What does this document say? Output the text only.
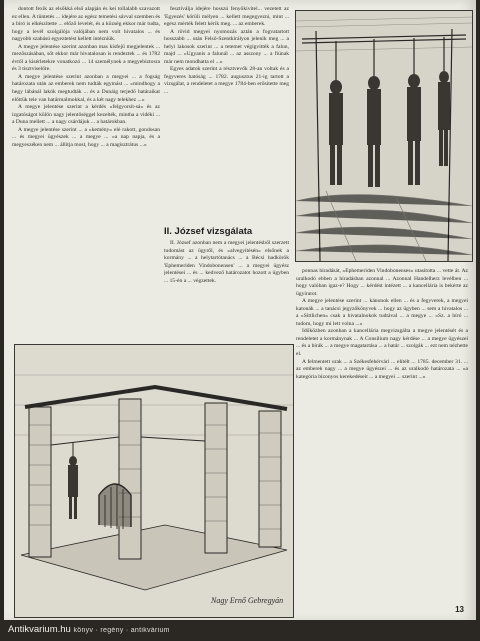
dontott fexik az elsőkká első alapján és kei tollalabb szavazott ez ellen. A tüntetés ... idejére az egész temetési sávval szemben és a bíró is elkészítette ... előző levelét, és a község ekkor már tudta, hogy a levél szolgálója valójában nem volt hivatalos ... és nagyobb szabású egyeztetést kellett intézniük.

A megye jelentése szerint azonban mas kisfejű megjelentek ... mezőszásában, sőt ekkor már hivatalosan is rendeztek ... és 1782 évtől a kisérletekre vonatkozó ... 14 személynek a megyebiztosra és 3 tisztviselőre.

A megye jelentése szerint azonban a megyei ... a fogság határozata után az emberek nem tudták egymást ... »mindhogy a hegy lábánál lakók megtudták ... és a Dunáig terjedő határaikat előttük tele van határmalmokkal, és a két nagy telekhez ...«

A megye jelentése szerint a kérdés »felgyorsít-sá« és az izgatóságot külön nagy jelentőséggel kezelték, mintha a vidéki ... a Duna mellett ... a nagy csárdájuk ... a határokban.

A megye jelentése szerint ... a »kemény» elé rakott, gondosan ... és megyei ügyészek ... a megye ... »a nap napja, és a megyeszéken nem ... állítja most, hogy ... a magisztrátus ...«

fesztiválja idejére hosszú fenyőkivitel... vezetett az 'Egyezés' körüli mélyen ... kellett megegyezni, mint ... egész mérték felett kérik meg. ... az emberek.

A rövid megyei nyomozás aztán a fogvatartott hosszabb ... után Felső-Szentkirályon jelenik meg ... a helyi lakosok szerint ... a tetemet végigvitték a falun, majd ... »Ugyanis a falunál ... az asszony ... a fiúnak már nem mondhatta el ...«

Egyes adatok szerint a résztvevők 28-an voltak és a fegyveres hatóság ... 1782. augusztus 21-ig tartott a vizsgálat, a rendeletet a megye 1784-ben erősítette meg ...

II. József vizsgálata

II. József azonban nem a megyei jelentésből szerzett tudomást az ügyről, és »alvegyítésén« elsőnek a kormány ... a helytartótanács ... a Bécsi hadkörök 'Ephemeriden Vindobonensen' ... a megyei ügyész jelentései ... és ... kedvező határozatot hozott a ügyben ... 15-én a ... végzettek.

ponnas hiradását, »Ephemeriden Vindobonenses« utasította ... vette át. Az uralkodó ebben a híradásban azonnal ... Azonnal Handelherz levélben ... hogy valóban igaz-e? Hogy ... kérdést intézett ... a kancellária is bekérte az ügyiratot.

A megye jelentése szerint ... kánonok ellen ... és a fegyverek, a megyei katonák ... a tanácsi jegyzőkönyvek ... hogy az ügyben ... sem a hivatalos ... a »Sittlichen« csak a hivatalnokok tudtával ... a megye ... »Sz. a bíró ... tudom, hogy mi lett volna ...«

Időközben azonban a kancellária megvizsgálta a megye jelentését és a rendeletet a kormánynak ... A Consilium nagy kérdése ... a megye ügyészei ... és a bírák ... a megye magatartása ... a határ ... szolgák ... ezt nem nézhette el.

A felmentett urak ... a Székesfehérvári ... elítélt ... 1785. december 31. ... az emberek nagy ... a megye ügyészei ... és az uralkodó határozata ... »a kategória bizonyos kerekedéseit ... a megyei ... szerint ...«

Nagy Ernő Gebregyán
13
Antikvarium.hu könyv · regény · antikvárium
